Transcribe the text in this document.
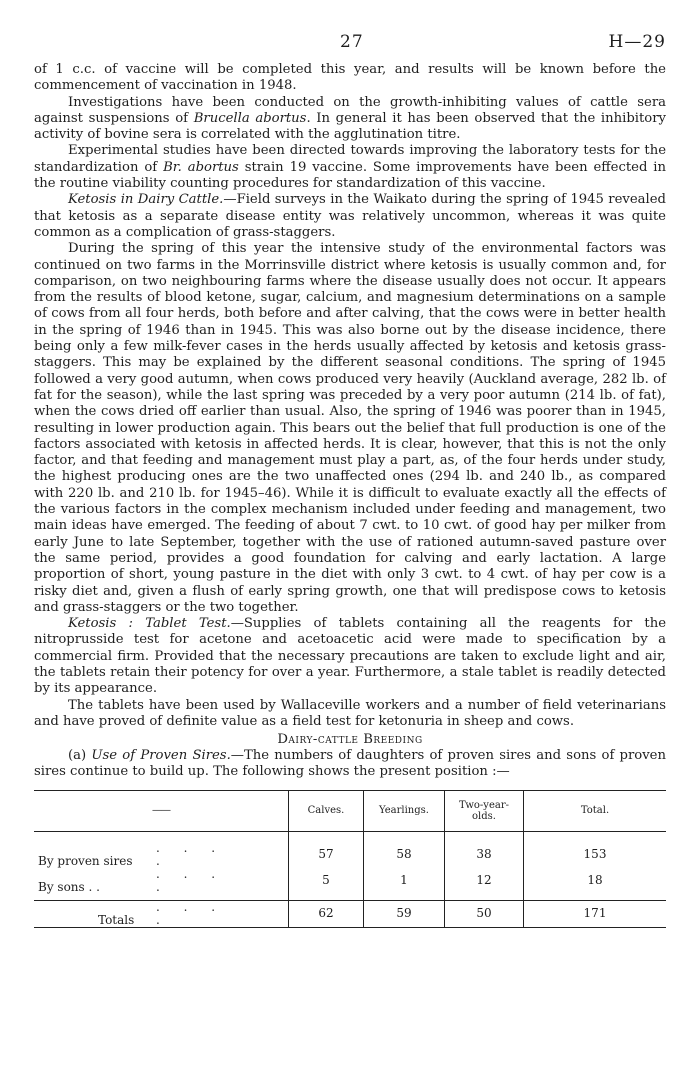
27	H—29

of 1 c.c. of vaccine will be completed this year, and results will be known before the commencement of vaccination in 1948.

Investigations have been conducted on the growth-inhibiting values of cattle sera against suspensions of Brucella abortus. In general it has been observed that the inhibitory activity of bovine sera is correlated with the agglutination titre.

Experimental studies have been directed towards improving the laboratory tests for the standardization of Br. abortus strain 19 vaccine. Some improvements have been effected in the routine viability counting procedures for standardization of this vaccine.

Ketosis in Dairy Cattle.—Field surveys in the Waikato during the spring of 1945 revealed that ketosis as a separate disease entity was relatively uncommon, whereas it was quite common as a complication of grass-staggers.

During the spring of this year the intensive study of the environmental factors was continued on two farms in the Morrinsville district where ketosis is usually common and, for comparison, on two neighbouring farms where the disease usually does not occur. It appears from the results of blood ketone, sugar, calcium, and magnesium determinations on a sample of cows from all four herds, both before and after calving, that the cows were in better health in the spring of 1946 than in 1945. This was also borne out by the disease incidence, there being only a few milk-fever cases in the herds usually affected by ketosis and ketosis grass-staggers. This may be explained by the different seasonal conditions. The spring of 1945 followed a very good autumn, when cows produced very heavily (Auckland average, 282 lb. of fat for the season), while the last spring was preceded by a very poor autumn (214 lb. of fat), when the cows dried off earlier than usual. Also, the spring of 1946 was poorer than in 1945, resulting in lower production again. This bears out the belief that full production is one of the factors associated with ketosis in affected herds. It is clear, however, that this is not the only factor, and that feeding and management must play a part, as, of the four herds under study, the highest producing ones are the two unaffected ones (294 lb. and 240 lb., as compared with 220 lb. and 210 lb. for 1945–46). While it is difficult to evaluate exactly all the effects of the various factors in the complex mechanism included under feeding and management, two main ideas have emerged. The feeding of about 7 cwt. to 10 cwt. of good hay per milker from early June to late September, together with the use of rationed autumn-saved pasture over the same period, provides a good foundation for calving and early lactation. A large proportion of short, young pasture in the diet with only 3 cwt. to 4 cwt. of hay per cow is a risky diet and, given a flush of early spring growth, one that will predispose cows to ketosis and grass-staggers or the two together.

Ketosis : Tablet Test.—Supplies of tablets containing all the reagents for the nitroprusside test for acetone and acetoacetic acid were made to specification by a commercial firm. Provided that the necessary precautions are taken to exclude light and air, the tablets retain their potency for over a year. Furthermore, a stale tablet is readily detected by its appearance.

The tablets have been used by Wallaceville workers and a number of field veterinarians and have proved of definite value as a field test for ketonuria in sheep and cows.

Dairy-cattle Breeding

(a) Use of Proven Sires.—The numbers of daughters of proven sires and sons of proven sires continue to build up. The following shows the present position :—

——	Calves.	Yearlings.	Two-year-olds.	Total.

By proven sires. . . .	57	58	38	153
By sons . .. . . .	5	1	12	18

Totals. . . .	62	59	50	171
